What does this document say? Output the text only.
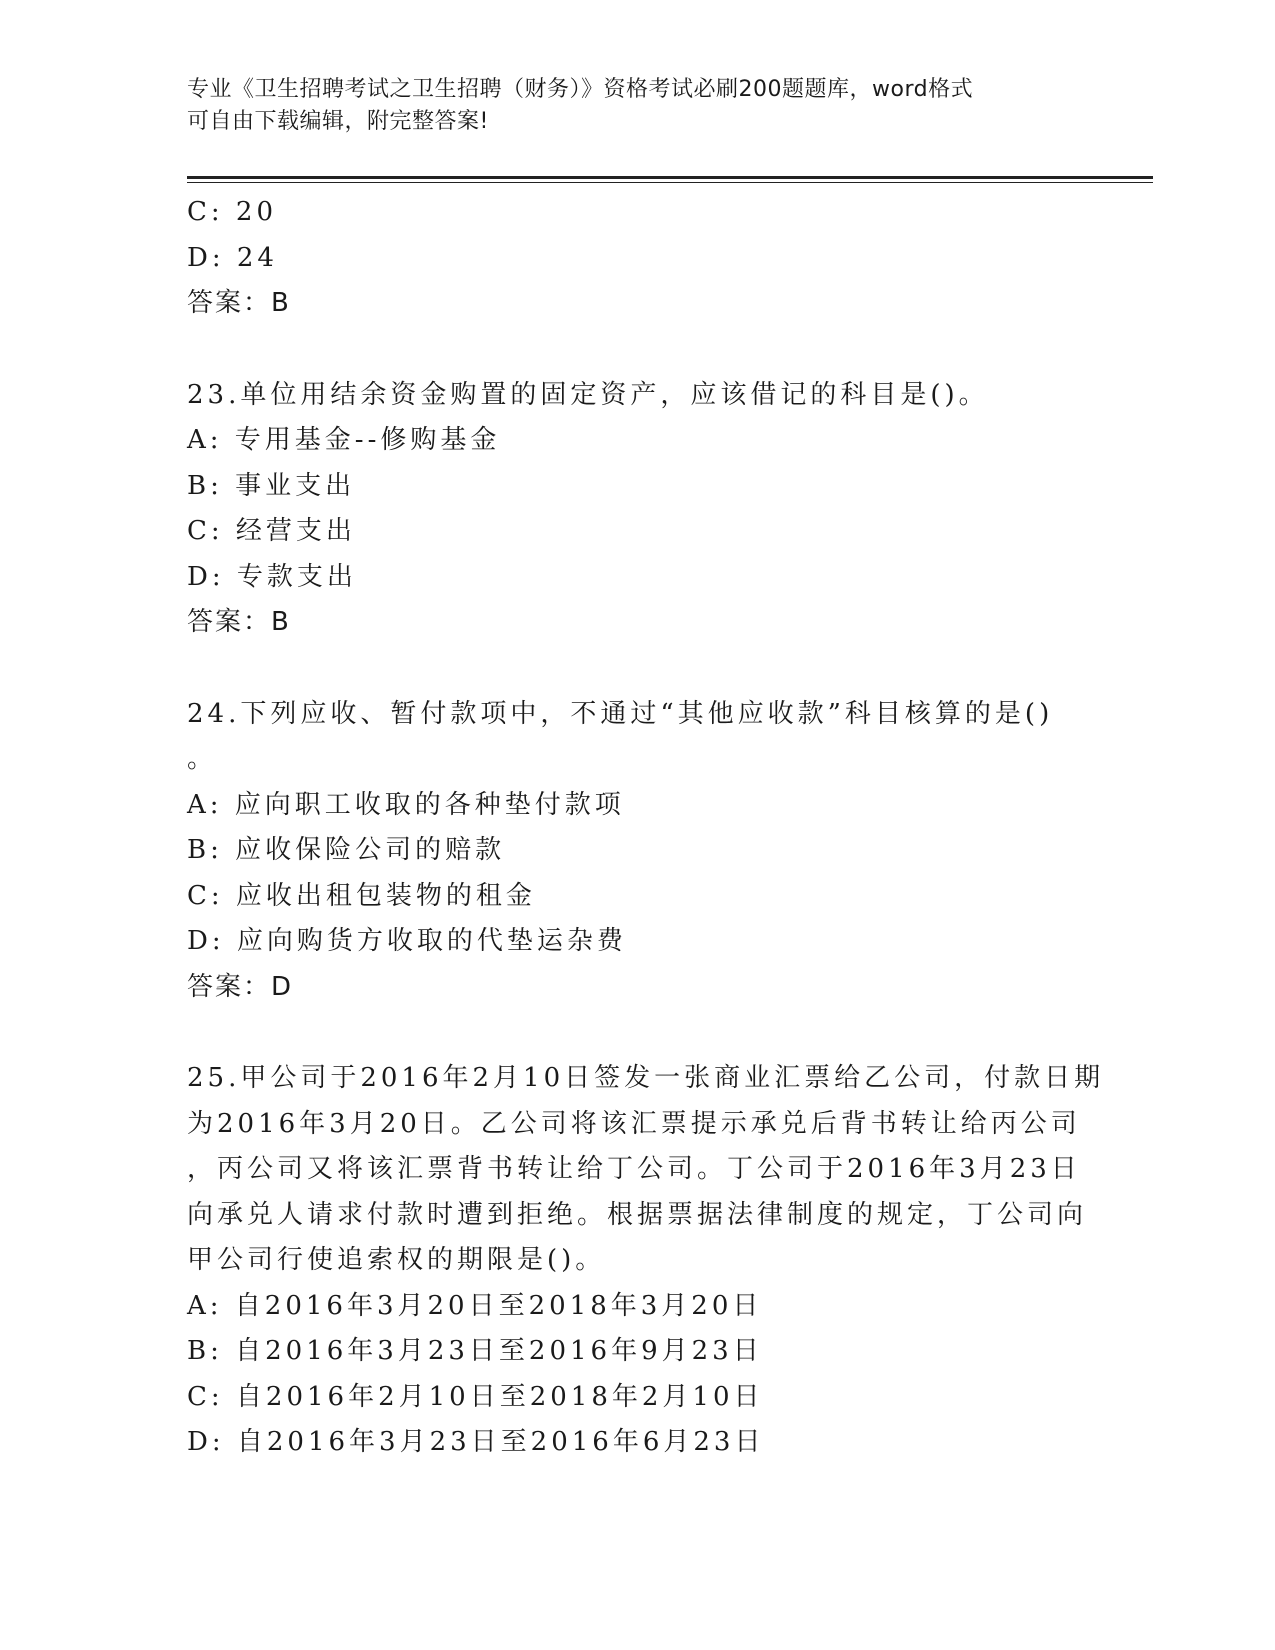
专业《卫生招聘考试之卫生招聘（财务）》资格考试必刷200题题库，word格式
可自由下载编辑，附完整答案!
C: 20
D: 24
答案：B
23.单位用结余资金购置的固定资产，应该借记的科目是()。
A: 专用基金--修购基金
B: 事业支出
C: 经营支出
D: 专款支出
答案：B
24.下列应收、暂付款项中，不通过“其他应收款”科目核算的是()
。
A: 应向职工收取的各种垫付款项
B: 应收保险公司的赔款
C: 应收出租包装物的租金
D: 应向购货方收取的代垫运杂费
答案：D
25.甲公司于2016年2月10日签发一张商业汇票给乙公司，付款日期
为2016年3月20日。乙公司将该汇票提示承兑后背书转让给丙公司
，丙公司又将该汇票背书转让给丁公司。丁公司于2016年3月23日
向承兑人请求付款时遭到拒绝。根据票据法律制度的规定，丁公司向
甲公司行使追索权的期限是()。
A: 自2016年3月20日至2018年3月20日
B: 自2016年3月23日至2016年9月23日
C: 自2016年2月10日至2018年2月10日
D: 自2016年3月23日至2016年6月23日
